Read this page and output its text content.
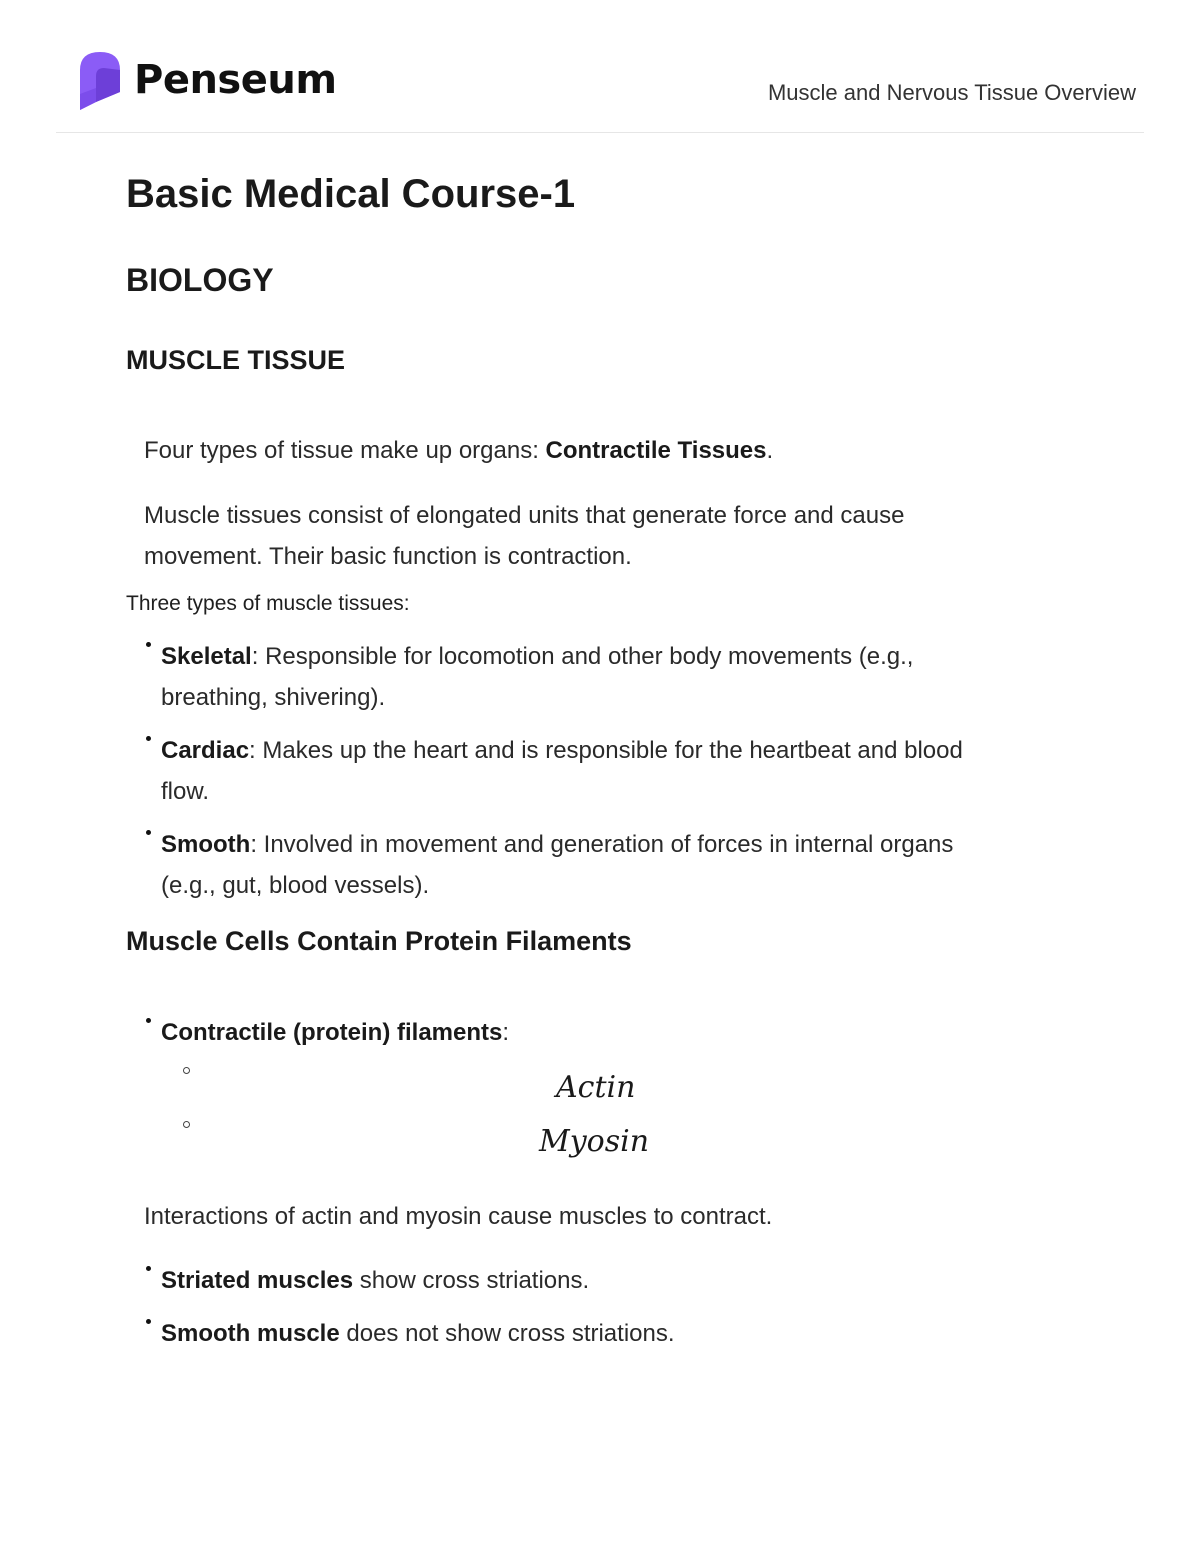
Penseum	Muscle and Nervous Tissue Overview
Basic Medical Course-1
BIOLOGY
MUSCLE TISSUE
Four types of tissue make up organs: Contractile Tissues.
Muscle tissues consist of elongated units that generate force and cause movement. Their basic function is contraction.
Three types of muscle tissues:
Skeletal: Responsible for locomotion and other body movements (e.g., breathing, shivering).
Cardiac: Makes up the heart and is responsible for the heartbeat and blood flow.
Smooth: Involved in movement and generation of forces in internal organs (e.g., gut, blood vessels).
Muscle Cells Contain Protein Filaments
Contractile (protein) filaments:
Actin
Myosin
Interactions of actin and myosin cause muscles to contract.
Striated muscles show cross striations.
Smooth muscle does not show cross striations.
